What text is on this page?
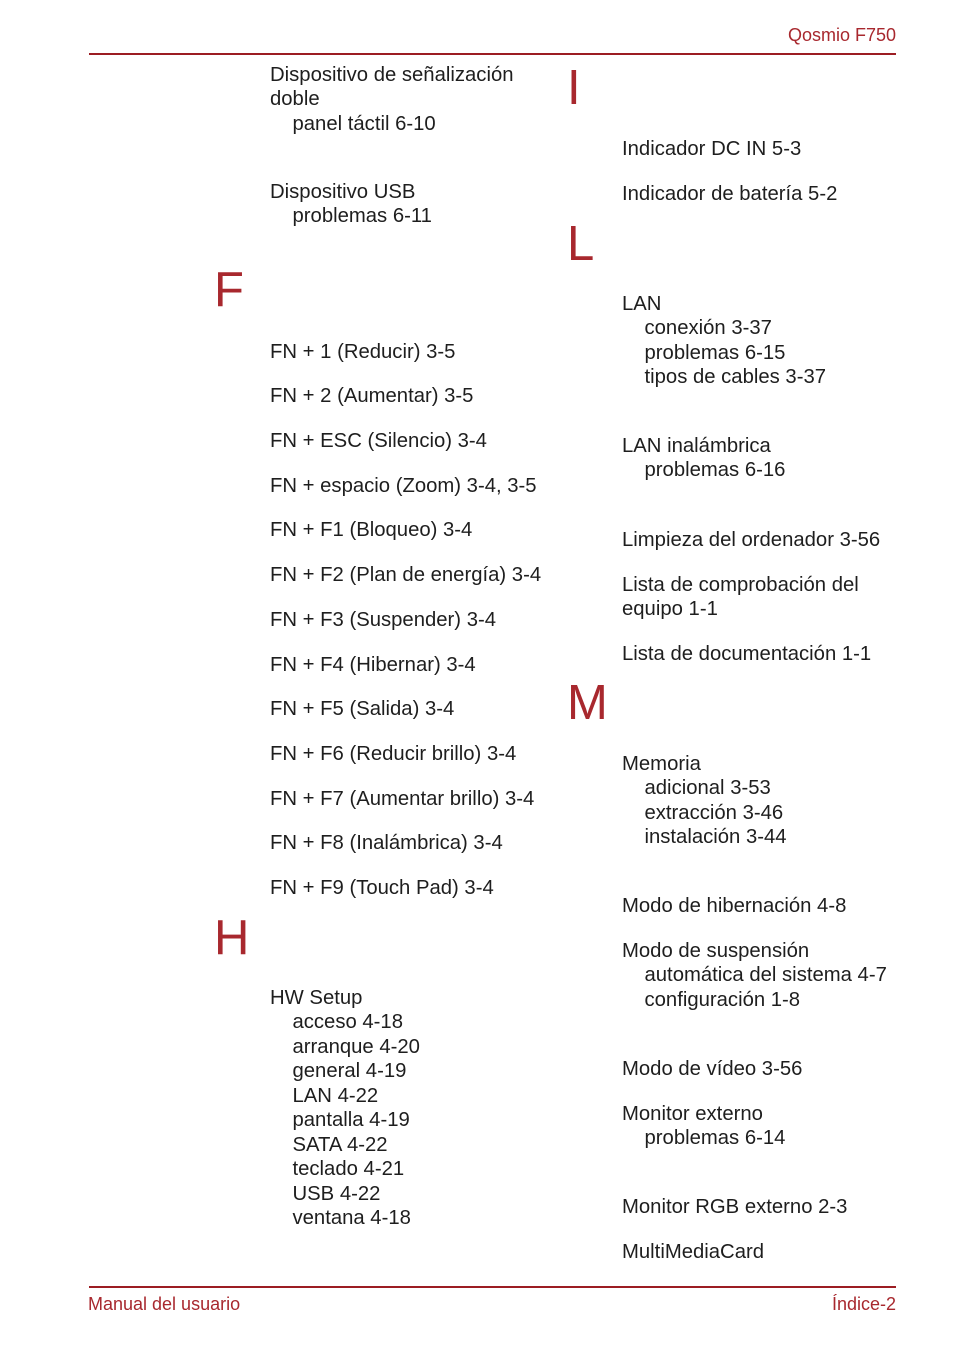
Qosmio F750
Dispositivo de señalización doble
panel táctil 6-10
Dispositivo USB
problemas 6-11
F
FN + 1 (Reducir) 3-5
FN + 2 (Aumentar) 3-5
FN + ESC (Silencio) 3-4
FN + espacio (Zoom) 3-4, 3-5
FN + F1 (Bloqueo) 3-4
FN + F2 (Plan de energía) 3-4
FN + F3 (Suspender) 3-4
FN + F4 (Hibernar) 3-4
FN + F5 (Salida) 3-4
FN + F6 (Reducir brillo) 3-4
FN + F7 (Aumentar brillo) 3-4
FN + F8 (Inalámbrica) 3-4
FN + F9 (Touch Pad) 3-4
H
HW Setup
acceso 4-18
arranque 4-20
general 4-19
LAN 4-22
pantalla 4-19
SATA 4-22
teclado 4-21
USB 4-22
ventana 4-18
I
Indicador DC IN 5-3
Indicador de batería 5-2
L
LAN
conexión 3-37
problemas 6-15
tipos de cables 3-37
LAN inalámbrica
problemas 6-16
Limpieza del ordenador 3-56
Lista de comprobación del equipo 1-1
Lista de documentación 1-1
M
Memoria
adicional 3-53
extracción 3-46
instalación 3-44
Modo de hibernación 4-8
Modo de suspensión
automática del sistema 4-7
configuración 1-8
Modo de vídeo 3-56
Monitor externo
problemas 6-14
Monitor RGB externo 2-3
MultiMediaCard
Manual del usuario	Índice-2
